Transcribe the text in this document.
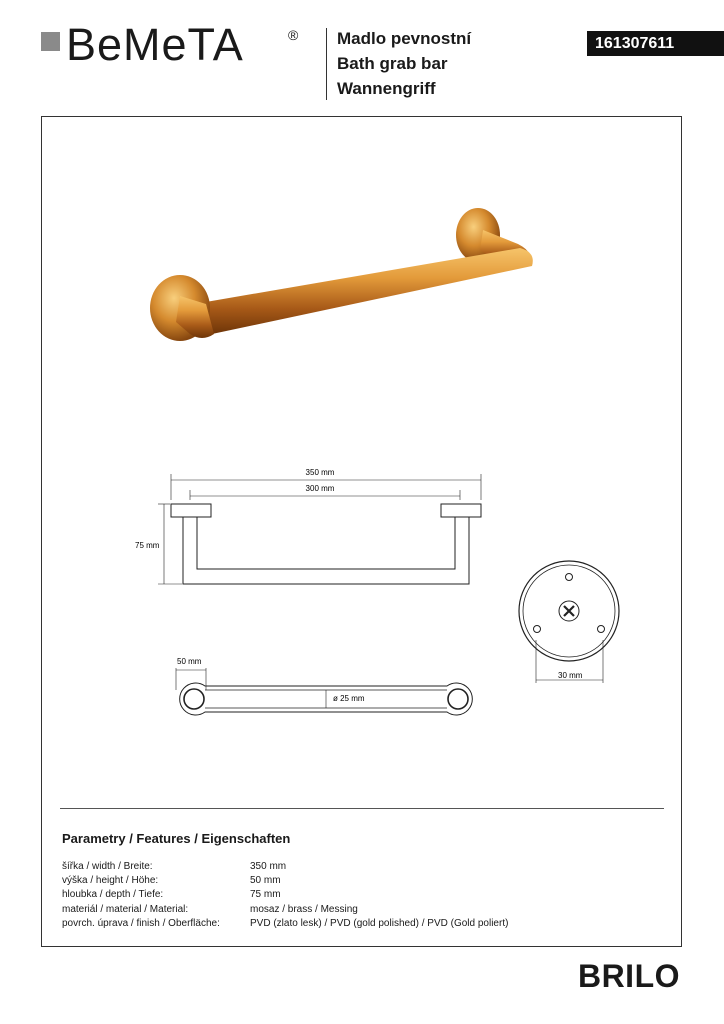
BeMeTA	® Madlo pevnostní
Bath grab bar
Wannengriff
161307611
350 mm
300 mm
75 mm
50 mm
ø 25 mm
30 mm
Parametry / Features / Eigenschaften
šířka / width / Breite:	350 mm
výška / height / Höhe:	50 mm
hloubka / depth / Tiefe:	75 mm
materiál / material / Material:	mosaz / brass / Messing
povrch. úprava / finish / Oberfläche:	PVD (zlato lesk) / PVD (gold polished) / PVD (Gold poliert)
BRILO
